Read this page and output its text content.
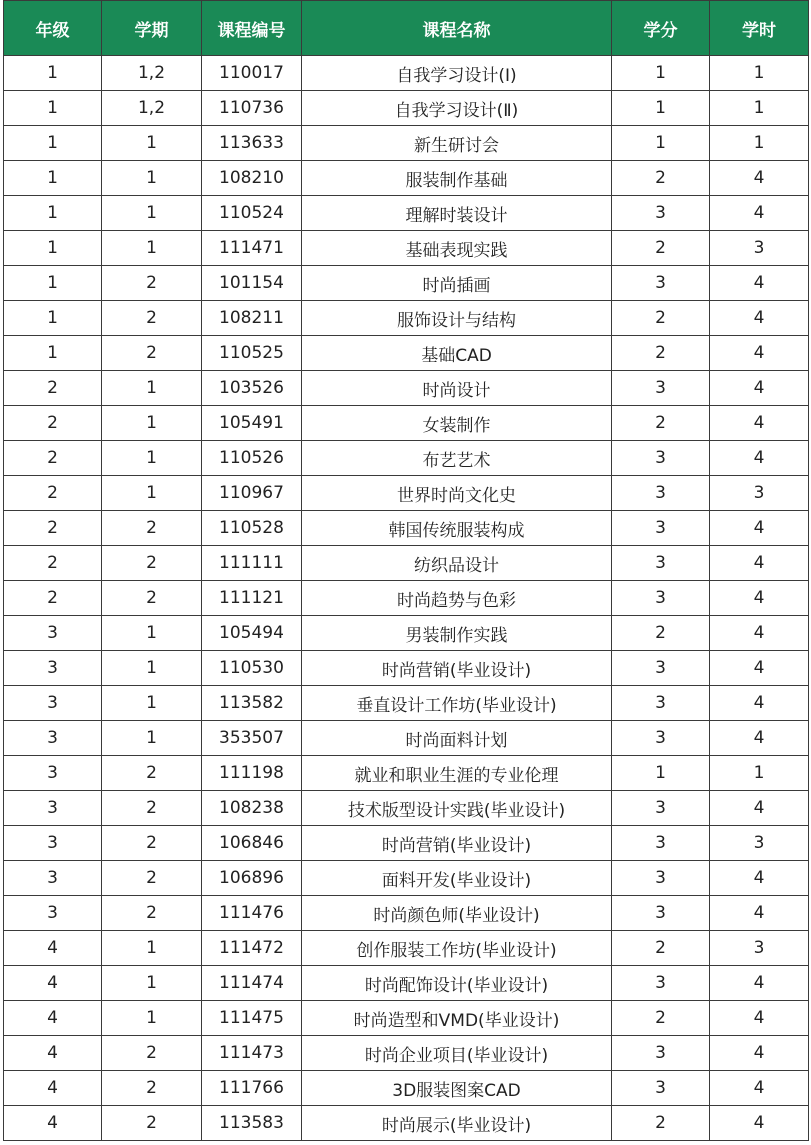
年级	学期	课程编号	课程名称	学分	学时
1	1,2	110017	自我学习设计(Ⅰ)	1	1
1	1,2	110736	自我学习设计(Ⅱ)	1	1
1	1	113633	新生研讨会	1	1
1	1	108210	服装制作基础	2	4
1	1	110524	理解时装设计	3	4
1	1	111471	基础表现实践	2	3
1	2	101154	时尚插画	3	4
1	2	108211	服饰设计与结构	2	4
1	2	110525	基础CAD	2	4
2	1	103526	时尚设计	3	4
2	1	105491	女装制作	2	4
2	1	110526	布艺艺术	3	4
2	1	110967	世界时尚文化史	3	3
2	2	110528	韩国传统服装构成	3	4
2	2	111111	纺织品设计	3	4
2	2	111121	时尚趋势与色彩	3	4
3	1	105494	男装制作实践	2	4
3	1	110530	时尚营销(毕业设计)	3	4
3	1	113582	垂直设计工作坊(毕业设计)	3	4
3	1	353507	时尚面料计划	3	4
3	2	111198	就业和职业生涯的专业伦理	1	1
3	2	108238	技术版型设计实践(毕业设计)	3	4
3	2	106846	时尚营销(毕业设计)	3	3
3	2	106896	面料开发(毕业设计)	3	4
3	2	111476	时尚颜色师(毕业设计)	3	4
4	1	111472	创作服装工作坊(毕业设计)	2	3
4	1	111474	时尚配饰设计(毕业设计)	3	4
4	1	111475	时尚造型和VMD(毕业设计)	2	4
4	2	111473	时尚企业项目(毕业设计)	3	4
4	2	111766	3D服装图案CAD	3	4
4	2	113583	时尚展示(毕业设计)	2	4
